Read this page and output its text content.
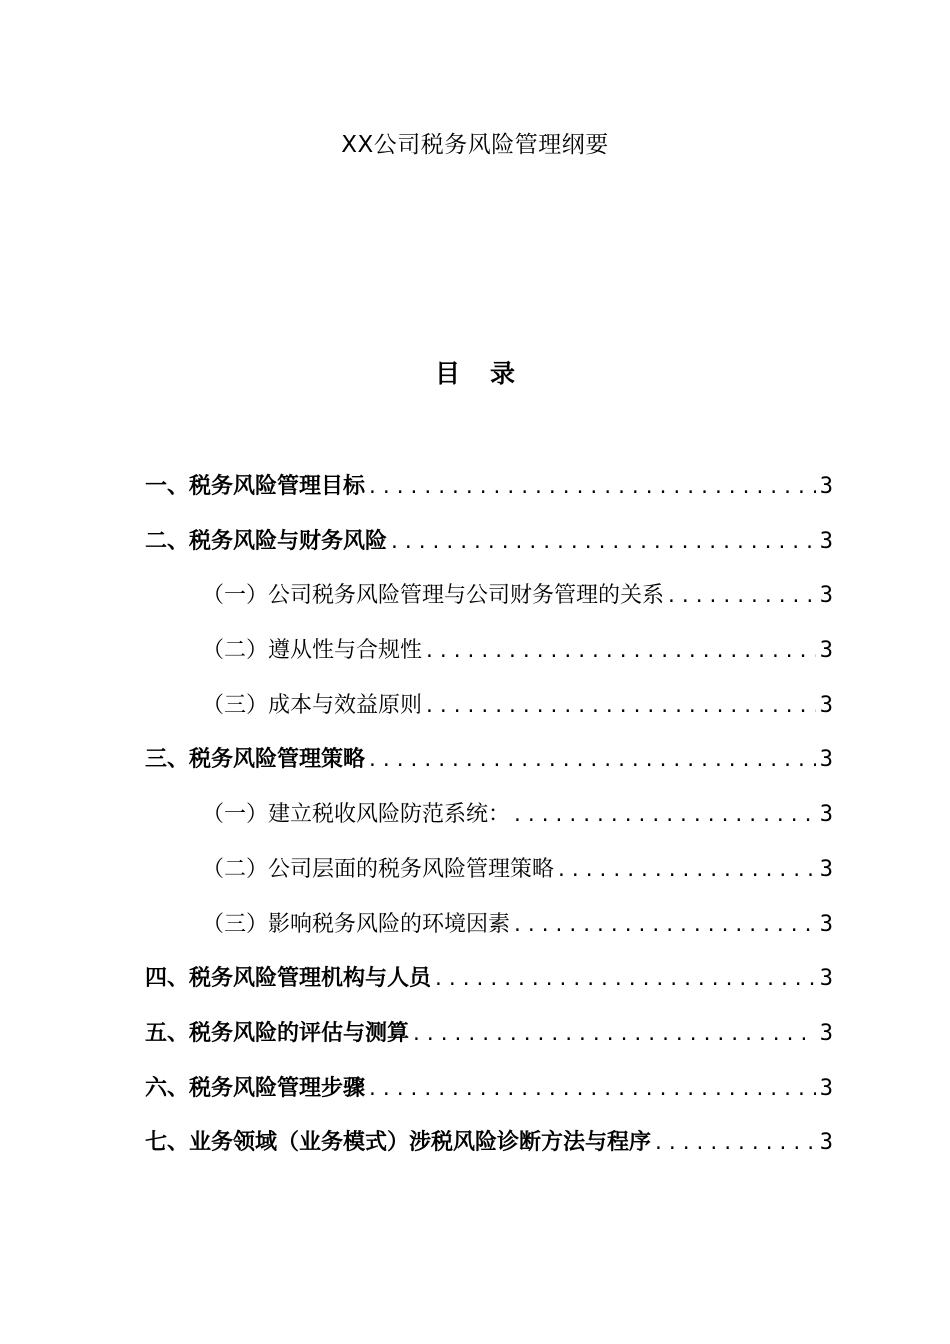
XX公司税务风险管理纲要
目录
一、税务风险管理目标 .....	3
二、税务风险与财务风险 .....	3
（一）公司税务风险管理与公司财务管理的关系 .....	3
（二）遵从性与合规性 .....	3
（三）成本与效益原则 .....	3
三、税务风险管理策略 .....	3
（一）建立税收风险防范系统： .....	3
（二）公司层面的税务风险管理策略 .....	3
（三）影响税务风险的环境因素 .....	3
四、税务风险管理机构与人员 .....	3
五、税务风险的评估与测算 .....	3
六、税务风险管理步骤 .....	3
七、业务领域（业务模式）涉税风险诊断方法与程序 .....	3
